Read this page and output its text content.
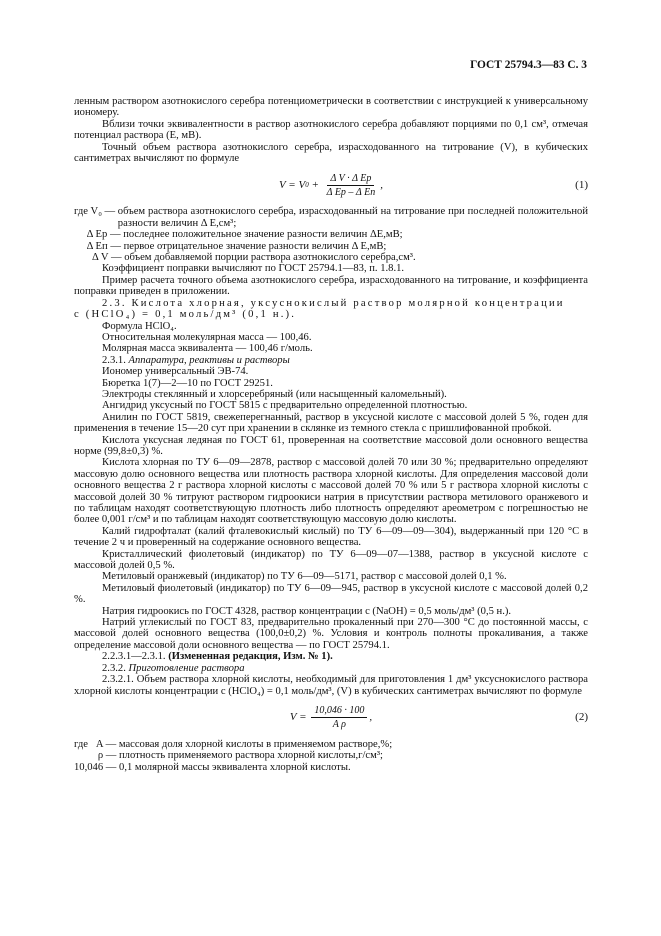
ГОСТ 25794.3—83 С. 3

ленным раствором азотнокислого серебра потенциометрически в соответствии с инструкцией к универсальному иономеру.

Вблизи точки эквивалентности в раствор азотнокислого серебра добавляют порциями по 0,1 см³, отмечая потенциал раствора (E, мВ).

Точный объем раствора азотнокислого серебра, израсходованного на титрование (V), в кубических сантиметрах вычисляют по формуле

V = V $0 + \frac{\text{Δ V · Δ Eр}}{\text{Δ Eр – Δ Eп}}$ ,	(1)
где V₀ — объем раствора азотнокислого серебра, израсходованный на титрование при последней положительной разности величин Δ E,см³;
Δ Eр — последнее положительное значение разности величин ΔE,мВ;
Δ Eп — первое отрицательное значение разности величин Δ E,мВ;
Δ V — объем добавляемой порции раствора азотнокислого серебра,см³.

Коэффициент поправки вычисляют по ГОСТ 25794.1—83, п. 1.8.1.

Пример расчета точного объема азотнокислого серебра, израсходованного на титрование, и коэффициента поправки приведен в приложении.

2.3. Кислота хлорная, уксуснокислый раствор молярной концентрации

c (HClO₄) = 0,1 моль/дм³ (0,1 н.).

Формула HClO₄.

Относительная молекулярная масса — 100,46.

Молярная масса эквивалента — 100,46 г/моль.

2.3.1. Аппаратура, реактивы и растворы

Иономер универсальный ЭВ-74.

Бюретка 1(7)—2—10 по ГОСТ 29251.

Электроды стеклянный и хлорсеребряный (или насыщенный каломельный).

Ангидрид уксусный по ГОСТ 5815 с предварительно определенной плотностью.

Анилин по ГОСТ 5819, свежеперегнанный, раствор в уксусной кислоте с массовой долей 5 %, годен для применения в течение 15—20 сут при хранении в склянке из темного стекла с пришлифованной пробкой.

Кислота уксусная ледяная по ГОСТ 61, проверенная на соответствие массовой доли основного вещества норме (99,8±0,3) %.

Кислота хлорная по ТУ 6—09—2878, раствор с массовой долей 70 или 30 %; предварительно определяют массовую долю основного вещества или плотность раствора хлорной кислоты. Для определения массовой доли основного вещества 2 г раствора хлорной кислоты с массовой долей 70 % или 5 г раствора хлорной кислоты с массовой долей 30 % титруют раствором гидроокиси натрия в присутствии раствора метилового оранжевого и по таблицам находят соответствующую плотность либо плотность определяют ареометром с погрешностью не более 0,001 г/см³ и по таблицам находят соответствующую массовую долю кислоты.

Калий гидрофталат (калий фталевокислый кислый) по ТУ 6—09—09—304), выдержанный при 120 °С в течение 2 ч и проверенный на содержание основного вещества.

Кристаллический фиолетовый (индикатор) по ТУ 6—09—07—1388, раствор в уксусной кислоте с массовой долей 0,5 %.

Метиловый оранжевый (индикатор) по ТУ 6—09—5171, раствор с массовой долей 0,1 %.

Метиловый фиолетовый (индикатор) по ТУ 6—09—945, раствор в уксусной кислоте с массовой долей 0,2 %.

Натрия гидроокись по ГОСТ 4328, раствор концентрации c (NaOH) = 0,5 моль/дм³ (0,5 н.).

Натрий углекислый по ГОСТ 83, предварительно прокаленный при 270—300 °С до постоянной массы, с массовой долей основного вещества (100,0±0,2) %. Условия и контроль полноты прокаливания, а также определение массовой доли основного вещества — по ГОСТ 25794.1.

2.2.3.1—2.3.1. (Измененная редакция, Изм. № 1).

2.3.2. Приготовление раствора

2.3.2.1. Объем раствора хлорной кислоты, необходимый для приготовления 1 дм³ уксуснокислого раствора хлорной кислоты концентрации c (HClO₄) = 0,1 моль/дм³, (V) в кубических сантиметрах вычисляют по формуле

$V = \frac{10,046 \cdot 100}{\text{A ρ}}$ ,	(2)
где   A — массовая доля хлорной кислоты в применяемом растворе,%;
ρ — плотность применяемого раствора хлорной кислоты,г/см³;
10,046 — 0,1 молярной массы эквивалента хлорной кислоты.
